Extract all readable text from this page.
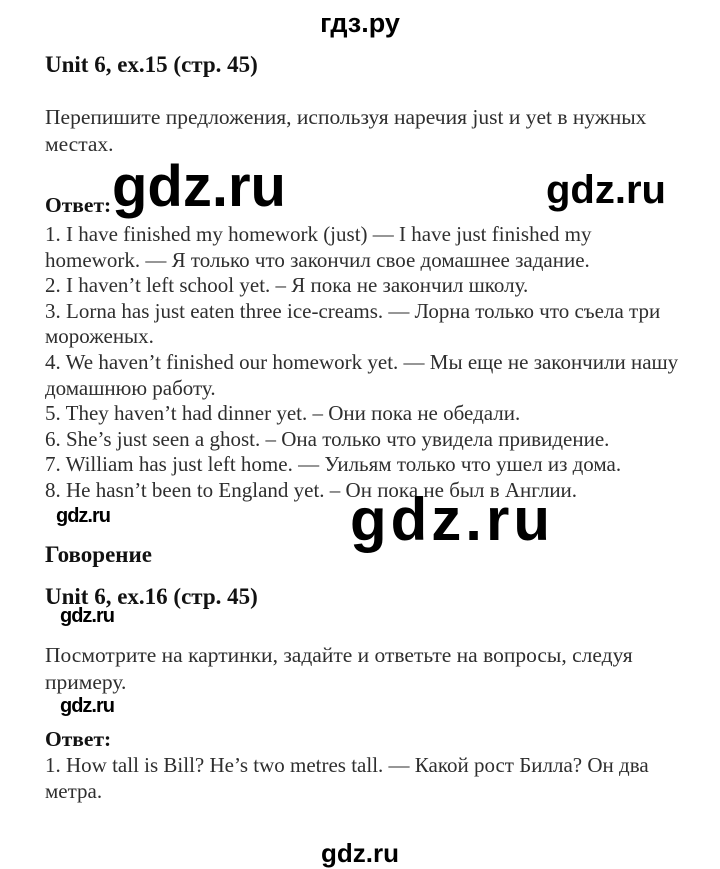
гдз.ру
Unit 6, ex.15 (стр. 45)

Перепишите предложения, используя наречия just и yet в нужных местах.

gdz.ru	gdz.ru
Ответ:

1. I have finished my homework (just) — I have just finished my homework. — Я только что закончил свое домашнее задание.

2. I haven’t left school yet. – Я пока не закончил школу.

3. Lorna has just eaten three ice-creams. — Лорна только что съела три мороженых.

4. We haven’t finished our homework yet. — Мы еще не закончили нашу домашнюю работу.

5. They haven’t had dinner yet. – Они пока не обедали.

6. She’s just seen a ghost. – Она только что увидела привидение.

7. William has just left home. — Уильям только что ушел из дома.

8. He hasn’t been to England yet. – Он пока не был в Англии.

gdz.ru	gdz.ru
Говорение
Unit 6, ex.16 (стр. 45)
gdz.ru

Посмотрите на картинки, задайте и ответьте на вопросы, следуя примеру.

gdz.ru
Ответ:

1. How tall is Bill? He’s two metres tall. — Какой рост Билла? Он два метра.

gdz.ru
